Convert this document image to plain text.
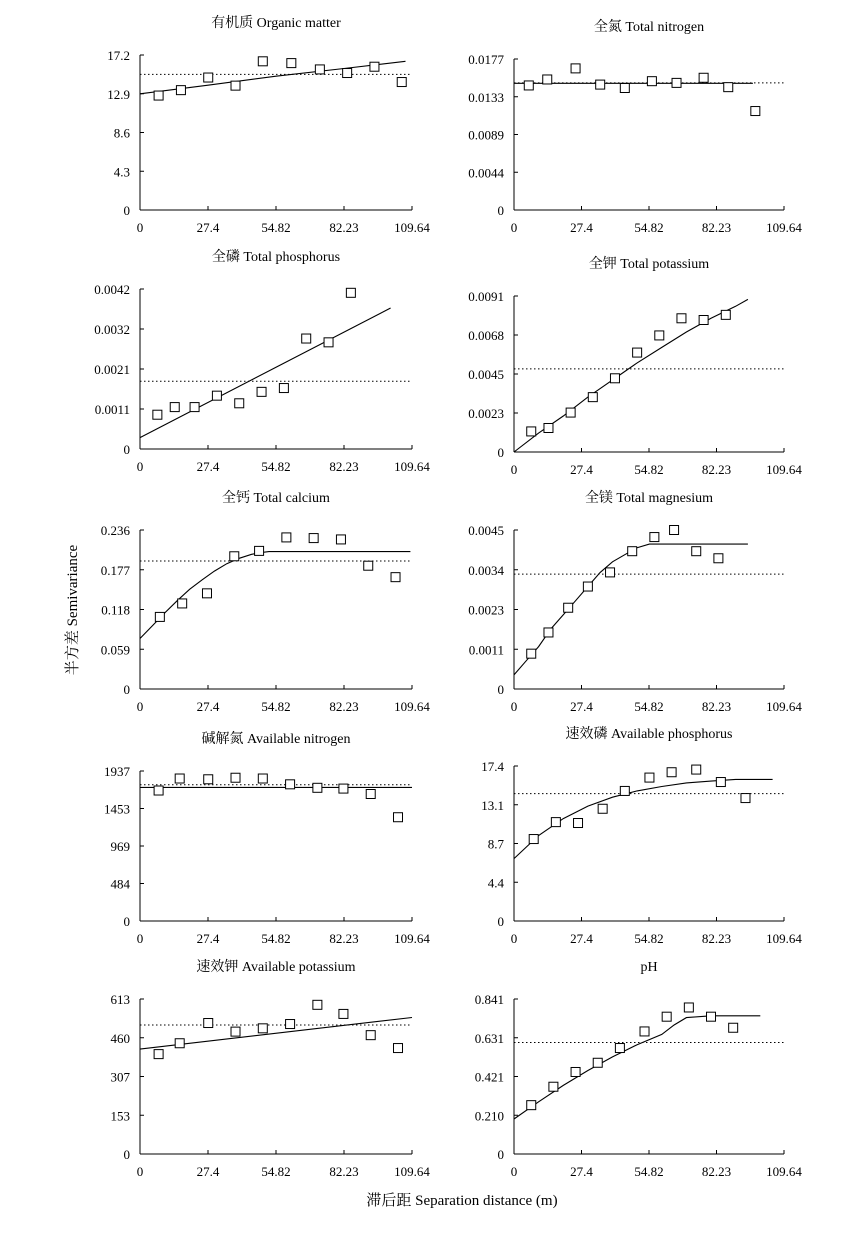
半方差 Semivariance
滞后距 Separation distance (m)
有机质 Organic matter
0
4.3
8.6
12.9
17.2
0	27.4	54.82	82.23	109.64
全氮 Total nitrogen
0
0.0044
0.0089
0.0133
0.0177
0	27.4	54.82	82.23	109.64
全磷 Total phosphorus
0
0.0011
0.0021
0.0032
0.0042
0	27.4	54.82	82.23	109.64
全钾 Total potassium
0
0.0023
0.0045
0.0068
0.0091
0	27.4	54.82	82.23	109.64
全钙 Total calcium
0
0.059
0.118
0.177
0.236
0	27.4	54.82	82.23	109.64
全镁 Total magnesium
0
0.0011
0.0023
0.0034
0.0045
0	27.4	54.82	82.23	109.64
碱解氮 Available nitrogen
0
484
969
1453
1937
0	27.4	54.82	82.23	109.64
速效磷 Available phosphorus
0
4.4
8.7
13.1
17.4
0	27.4	54.82	82.23	109.64
速效钾 Available potassium
0
153
307
460
613
0	27.4	54.82	82.23	109.64
pH
0
0.210
0.421
0.631
0.841
0	27.4	54.82	82.23	109.64
